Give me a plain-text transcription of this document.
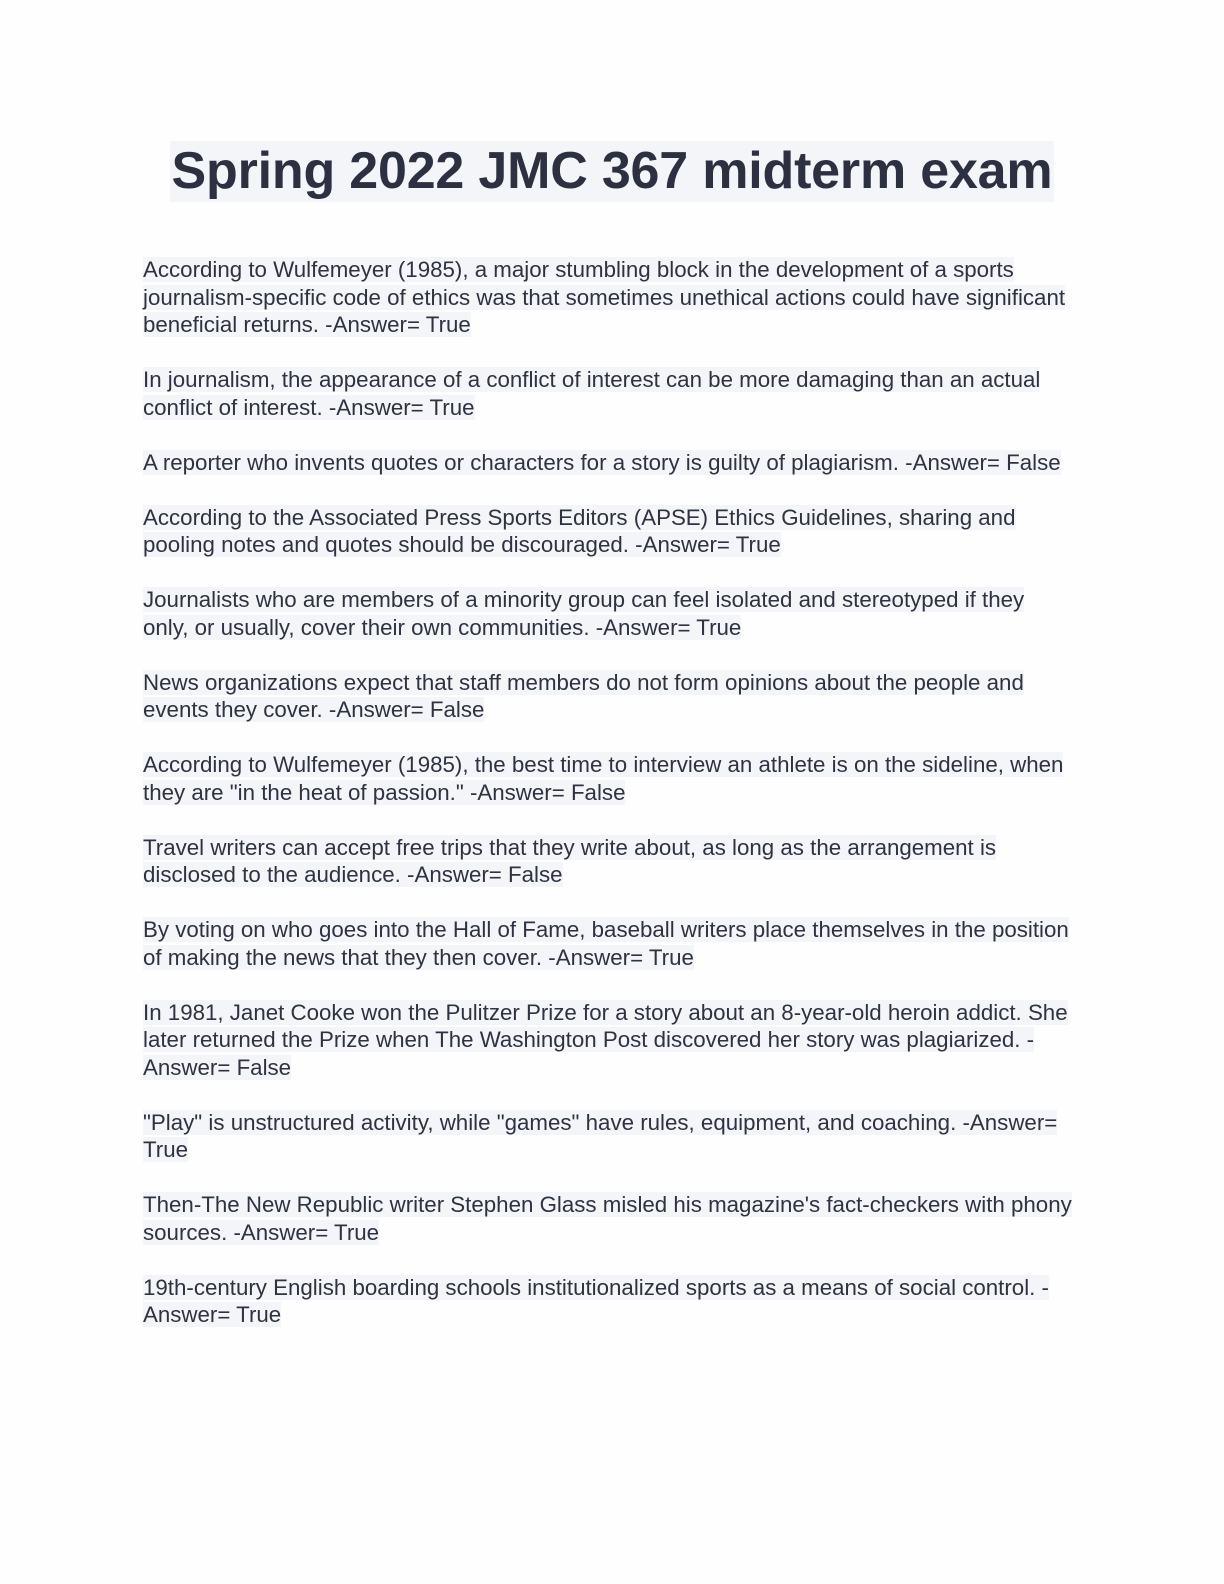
Spring 2022 JMC 367 midterm exam

According to Wulfemeyer (1985), a major stumbling block in the development of a sports journalism-specific code of ethics was that sometimes unethical actions could have significant beneficial returns. -Answer= True

In journalism, the appearance of a conflict of interest can be more damaging than an actual conflict of interest. -Answer= True

A reporter who invents quotes or characters for a story is guilty of plagiarism. -Answer= False

According to the Associated Press Sports Editors (APSE) Ethics Guidelines, sharing and pooling notes and quotes should be discouraged. -Answer= True

Journalists who are members of a minority group can feel isolated and stereotyped if they only, or usually, cover their own communities. -Answer= True

News organizations expect that staff members do not form opinions about the people and events they cover. -Answer= False

According to Wulfemeyer (1985), the best time to interview an athlete is on the sideline, when they are "in the heat of passion." -Answer= False

Travel writers can accept free trips that they write about, as long as the arrangement is disclosed to the audience. -Answer= False

By voting on who goes into the Hall of Fame, baseball writers place themselves in the position of making the news that they then cover. -Answer= True

In 1981, Janet Cooke won the Pulitzer Prize for a story about an 8-year-old heroin addict. She later returned the Prize when The Washington Post discovered her story was plagiarized. -Answer= False

"Play" is unstructured activity, while "games" have rules, equipment, and coaching. -Answer= True

Then-The New Republic writer Stephen Glass misled his magazine's fact-checkers with phony sources. -Answer= True

19th-century English boarding schools institutionalized sports as a means of social control. -Answer= True
